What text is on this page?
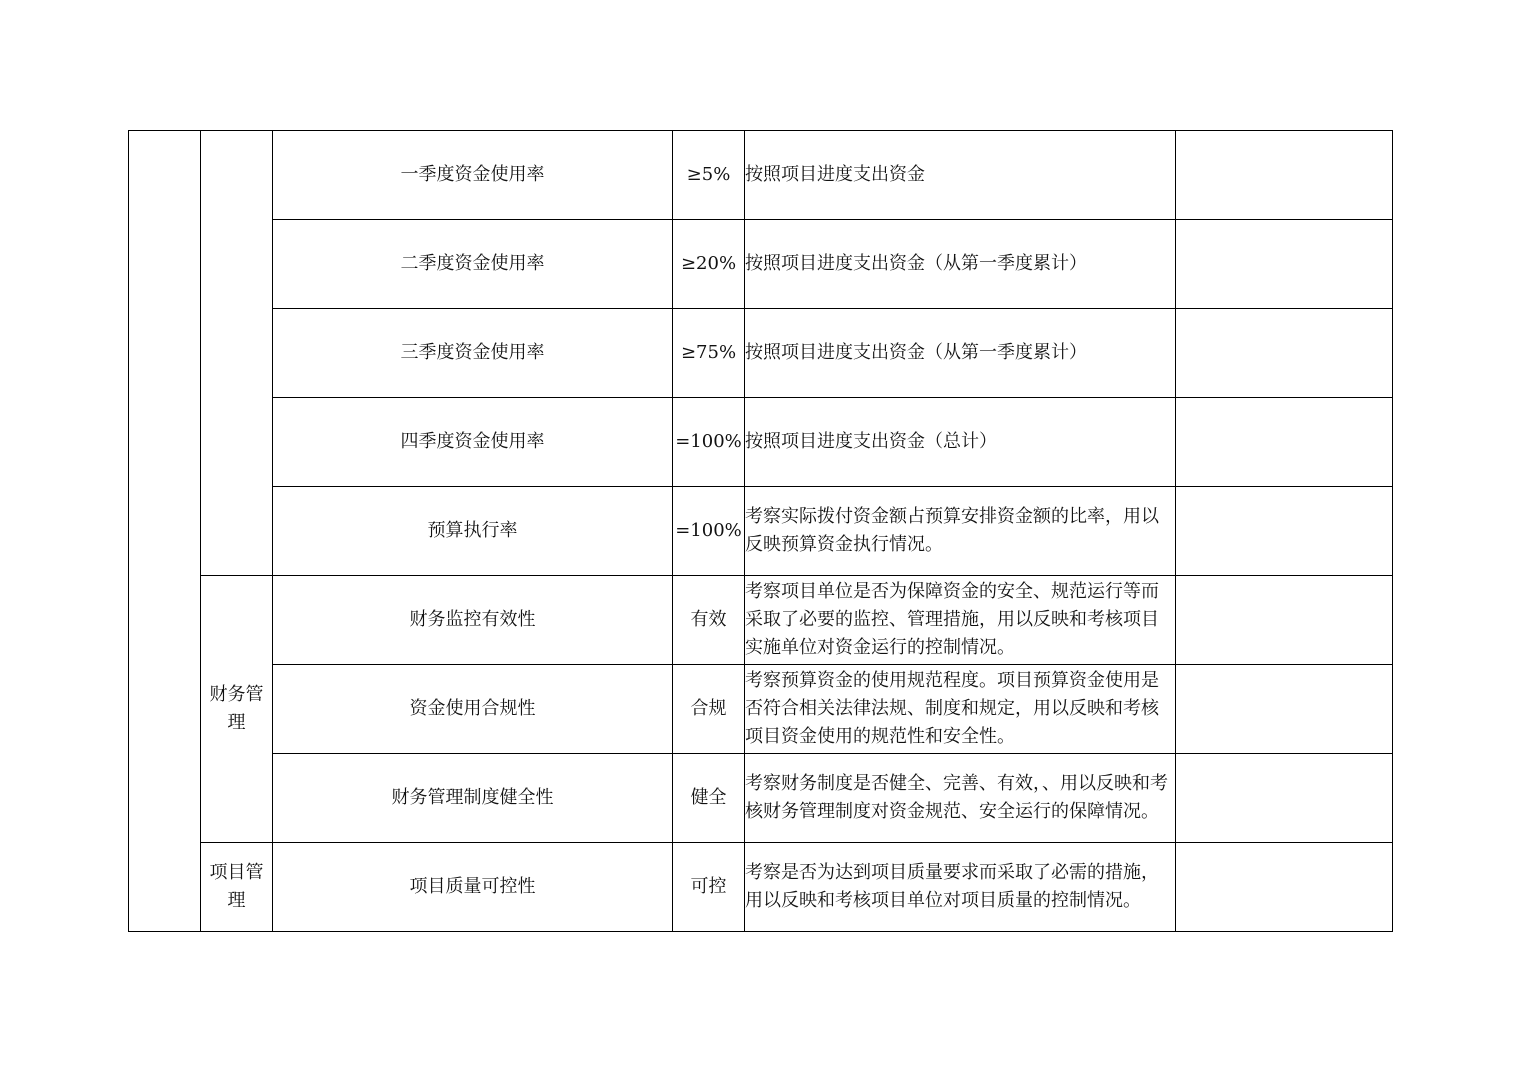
		一季度资金使用率	≥5%	按照项目进度支出资金	
		二季度资金使用率	≥20%	按照项目进度支出资金（从第一季度累计）	
		三季度资金使用率	≥75%	按照项目进度支出资金（从第一季度累计）	
		四季度资金使用率	=100%	按照项目进度支出资金（总计）	
		预算执行率	=100%	考察实际拨付资金额占预算安排资金额的比率，用以反映预算资金执行情况。	
	财务管理	财务监控有效性	有效	考察项目单位是否为保障资金的安全、规范运行等而采取了必要的监控、管理措施，用以反映和考核项目实施单位对资金运行的控制情况。	
		资金使用合规性	合规	考察预算资金的使用规范程度。项目预算资金使用是否符合相关法律法规、制度和规定，用以反映和考核项目资金使用的规范性和安全性。	
		财务管理制度健全性	健全	考察财务制度是否健全、完善、有效，、用以反映和考核财务管理制度对资金规范、安全运行的保障情况。	
	项目管理	项目质量可控性	可控	考察是否为达到项目质量要求而采取了必需的措施，用以反映和考核项目单位对项目质量的控制情况。	
